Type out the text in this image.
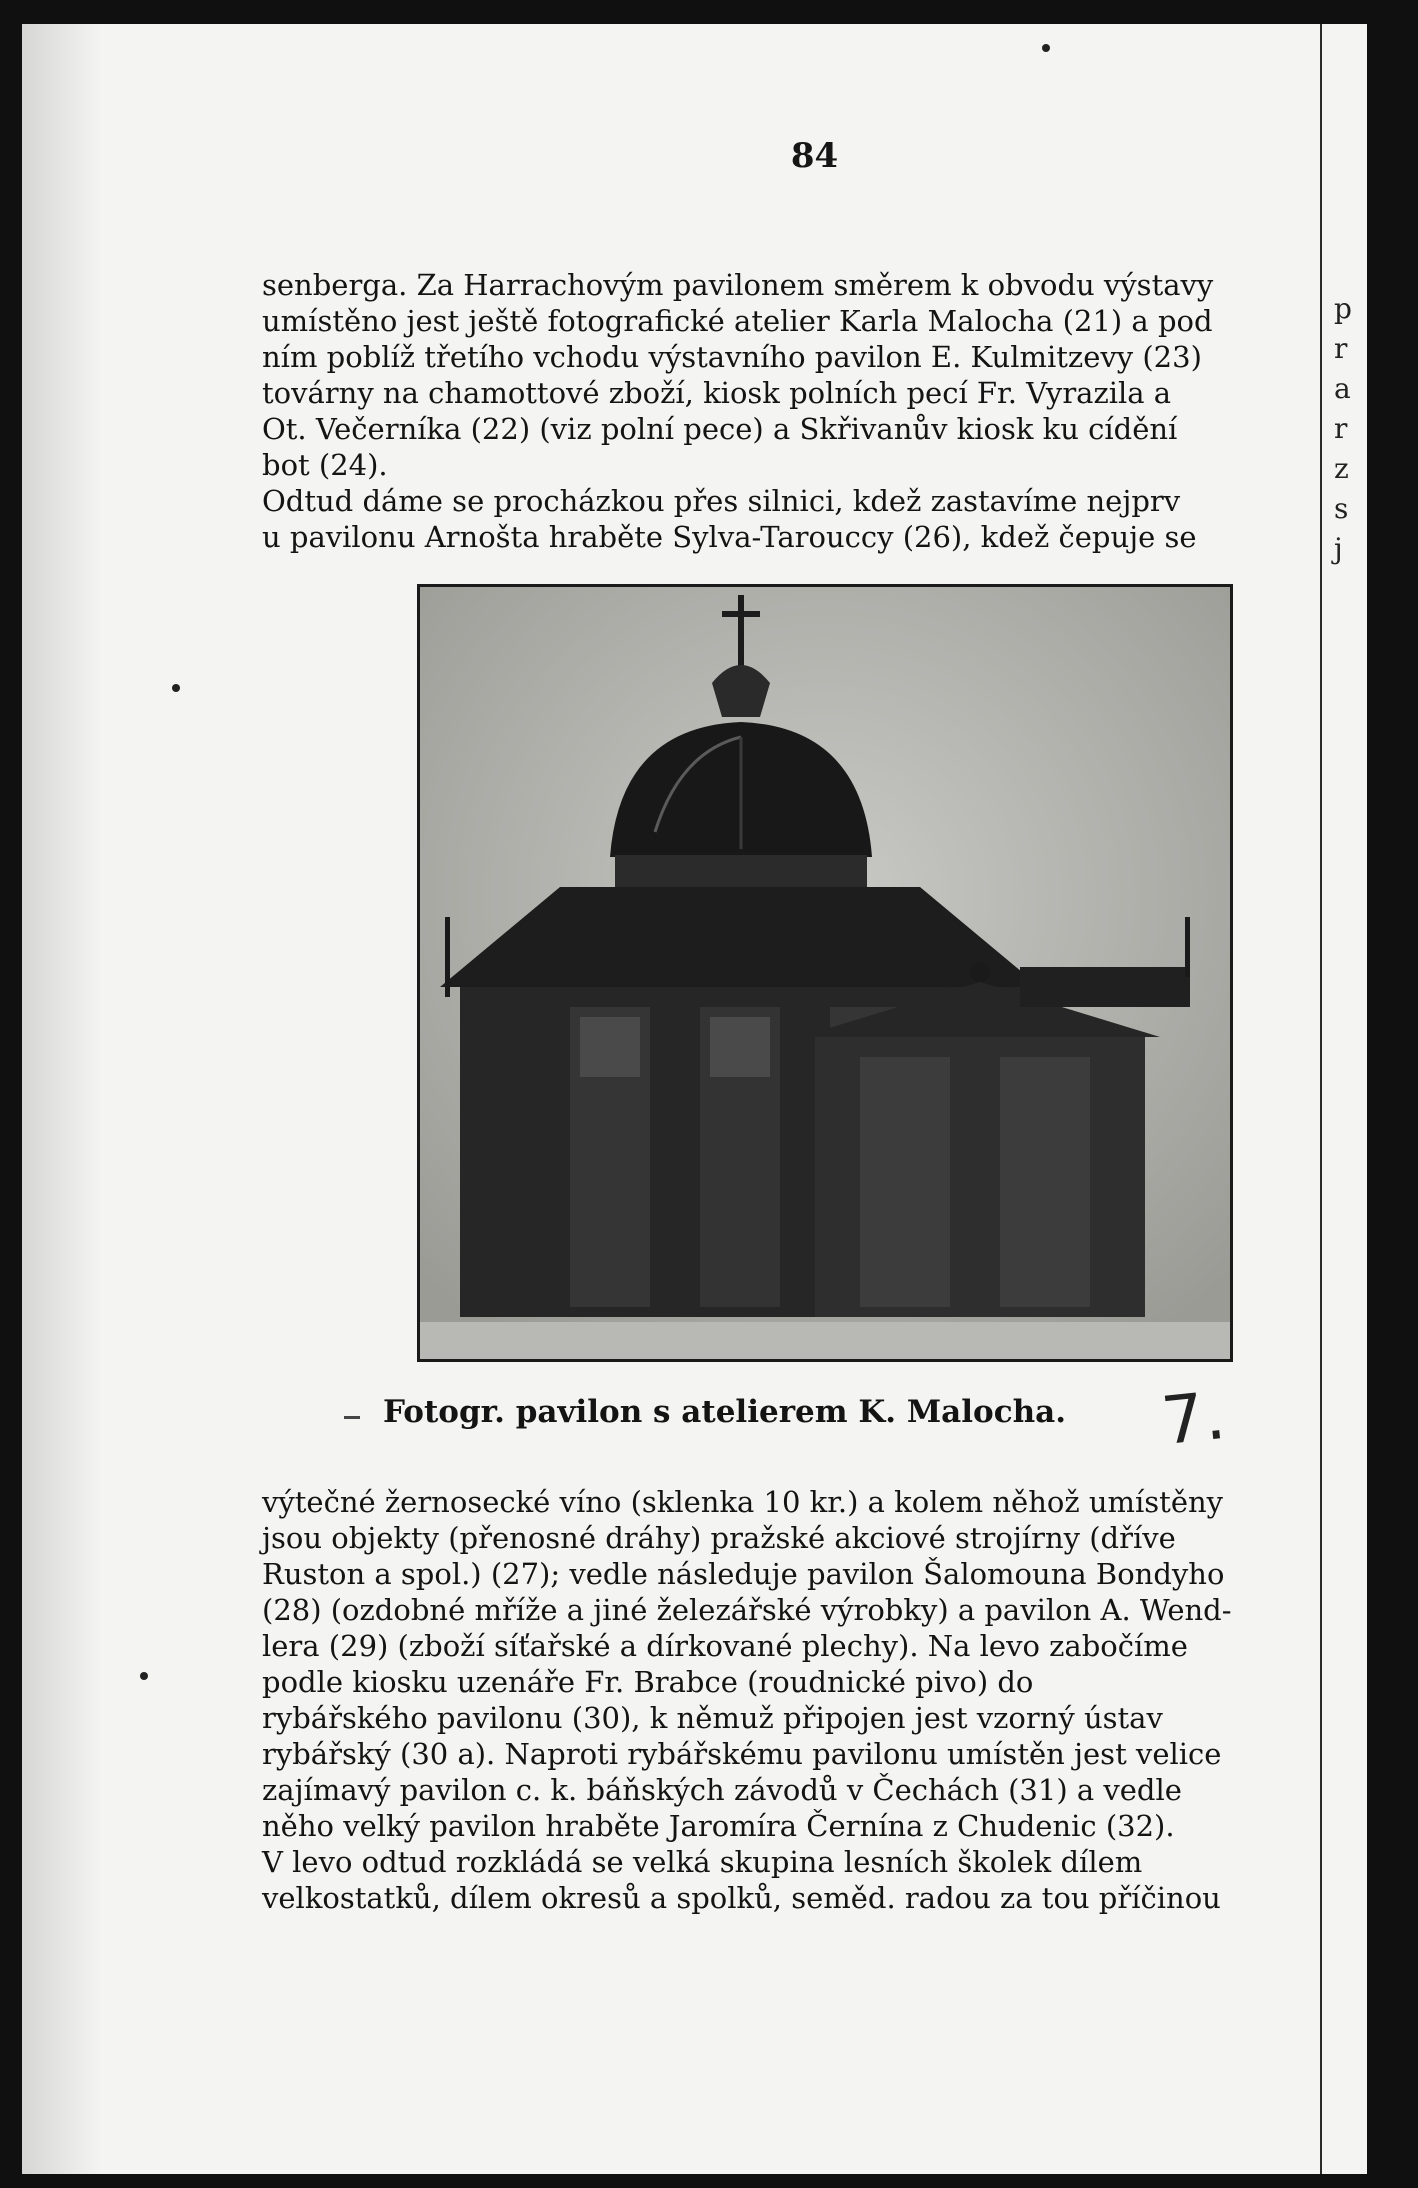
84
senberga. Za Harrachovým pavilonem směrem k obvodu výstavy
umístěno jest ještě fotografické atelier Karla Malocha (21) a pod
ním poblíž třetího vchodu výstavního pavilon E. Kulmitzevy (23)
továrny na chamottové zboží, kiosk polních pecí Fr. Vyrazila a
Ot. Večerníka (22) (viz polní pece) a Skřivanův kiosk ku cídění
bot (24).
Odtud dáme se procházkou přes silnici, kdež zastavíme nejprv
u pavilonu Arnošta hraběte Sylva-Tarouccy (26), kdež čepuje se
Fotogr. pavilon s atelierem K. Malocha.	7.
výtečné žernosecké víno (sklenka 10 kr.) a kolem něhož umístěny
jsou objekty (přenosné dráhy) pražské akciové strojírny (dříve
Ruston a spol.) (27); vedle následuje pavilon Šalomouna Bondyho
(28) (ozdobné mříže a jiné železářské výrobky) a pavilon A. Wend-
lera (29) (zboží síťařské a dírkované plechy). Na levo zabočíme
podle kiosku uzenáře Fr. Brabce (roudnické pivo) do
rybářského pavilonu (30), k němuž připojen jest vzorný ústav
rybářský (30 a). Naproti rybářskému pavilonu umístěn jest velice
zajímavý pavilon c. k. báňských závodů v Čechách (31) a vedle
něho velký pavilon hraběte Jaromíra Černína z Chudenic (32).
V levo odtud rozkládá se velká skupina lesních školek dílem
velkostatků, dílem okresů a spolků, seměd. radou za tou příčinou
p
r
a
r
z
s
j
